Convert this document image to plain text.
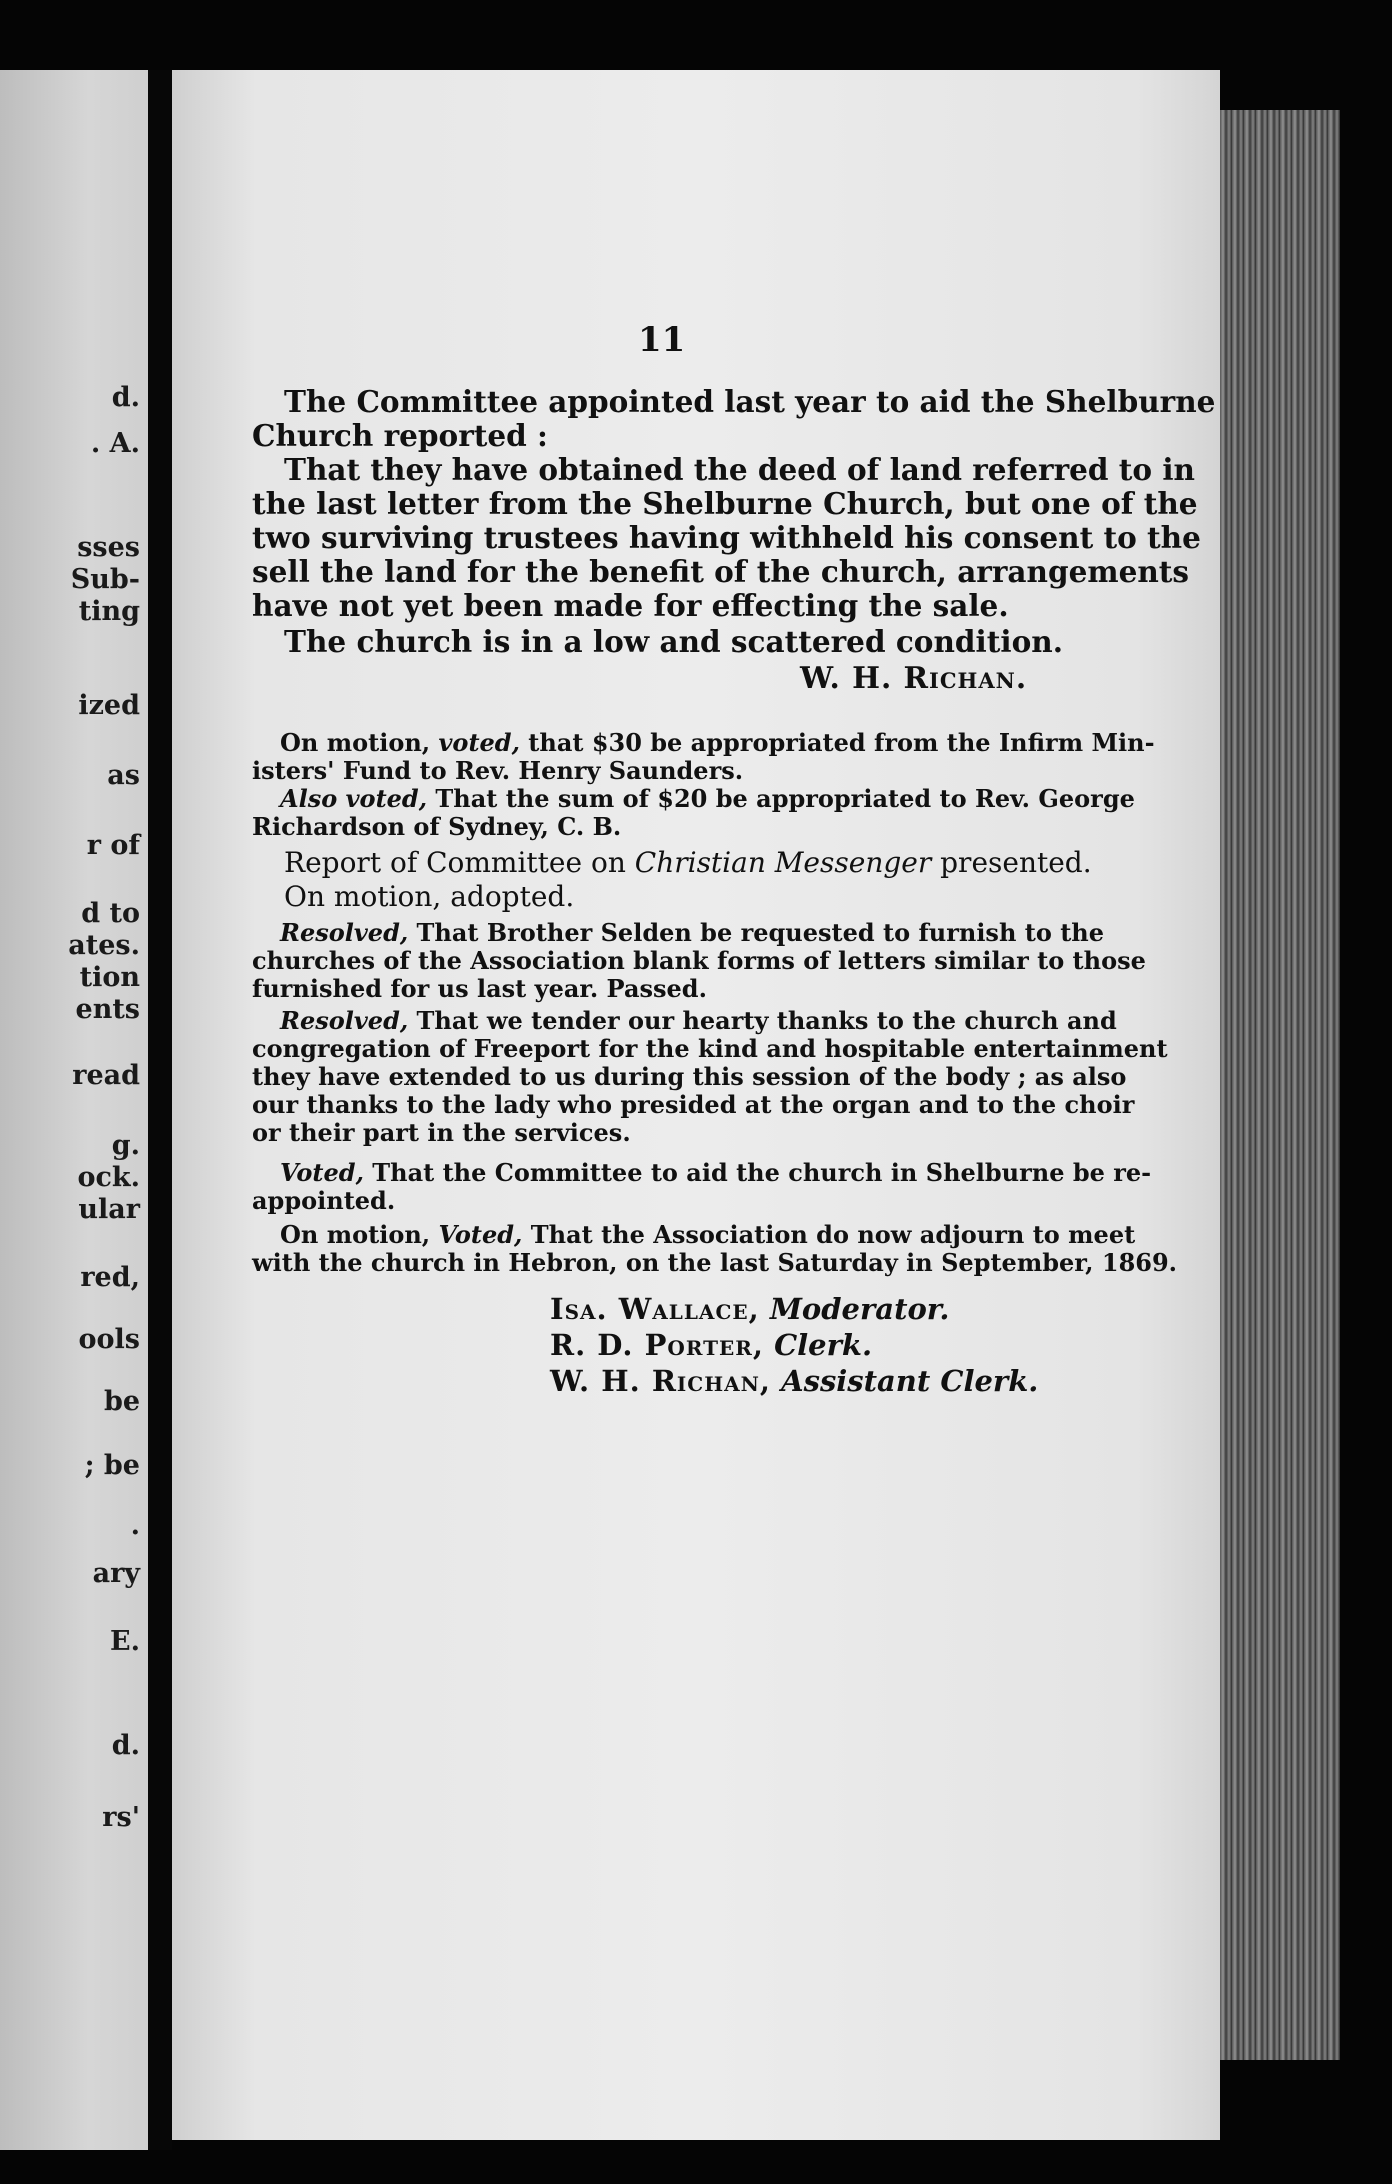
d.
. A.
sses
Sub-
ting
ized
as
r of
d to
ates.
tion
ents
read
g.
ock.
ular
red,
ools
be
; be
.
ary
E.
d.
rs'
11
The Committee appointed last year to aid the Shelburne
Church reported :
That they have obtained the deed of land referred to in
the last letter from the Shelburne Church, but one of the
two surviving trustees having withheld his consent to the
sell the land for the benefit of the church, arrangements
have not yet been made for effecting the sale.
The church is in a low and scattered condition.
W. H. Richan.
On motion, voted, that $30 be appropriated from the Infirm Min-
isters' Fund to Rev. Henry Saunders.
Also voted, That the sum of $20 be appropriated to Rev. George
Richardson of Sydney, C. B.
Report of Committee on Christian Messenger presented.
On motion, adopted.
Resolved, That Brother Selden be requested to furnish to the
churches of the Association blank forms of letters similar to those
furnished for us last year. Passed.
Resolved, That we tender our hearty thanks to the church and
congregation of Freeport for the kind and hospitable entertainment
they have extended to us during this session of the body ; as also
our thanks to the lady who presided at the organ and to the choir
or their part in the services.
Voted, That the Committee to aid the church in Shelburne be re-
appointed.
On motion, Voted, That the Association do now adjourn to meet
with the church in Hebron, on the last Saturday in September, 1869.
Isa. Wallace, Moderator.
R. D. Porter, Clerk.
W. H. Richan, Assistant Clerk.
